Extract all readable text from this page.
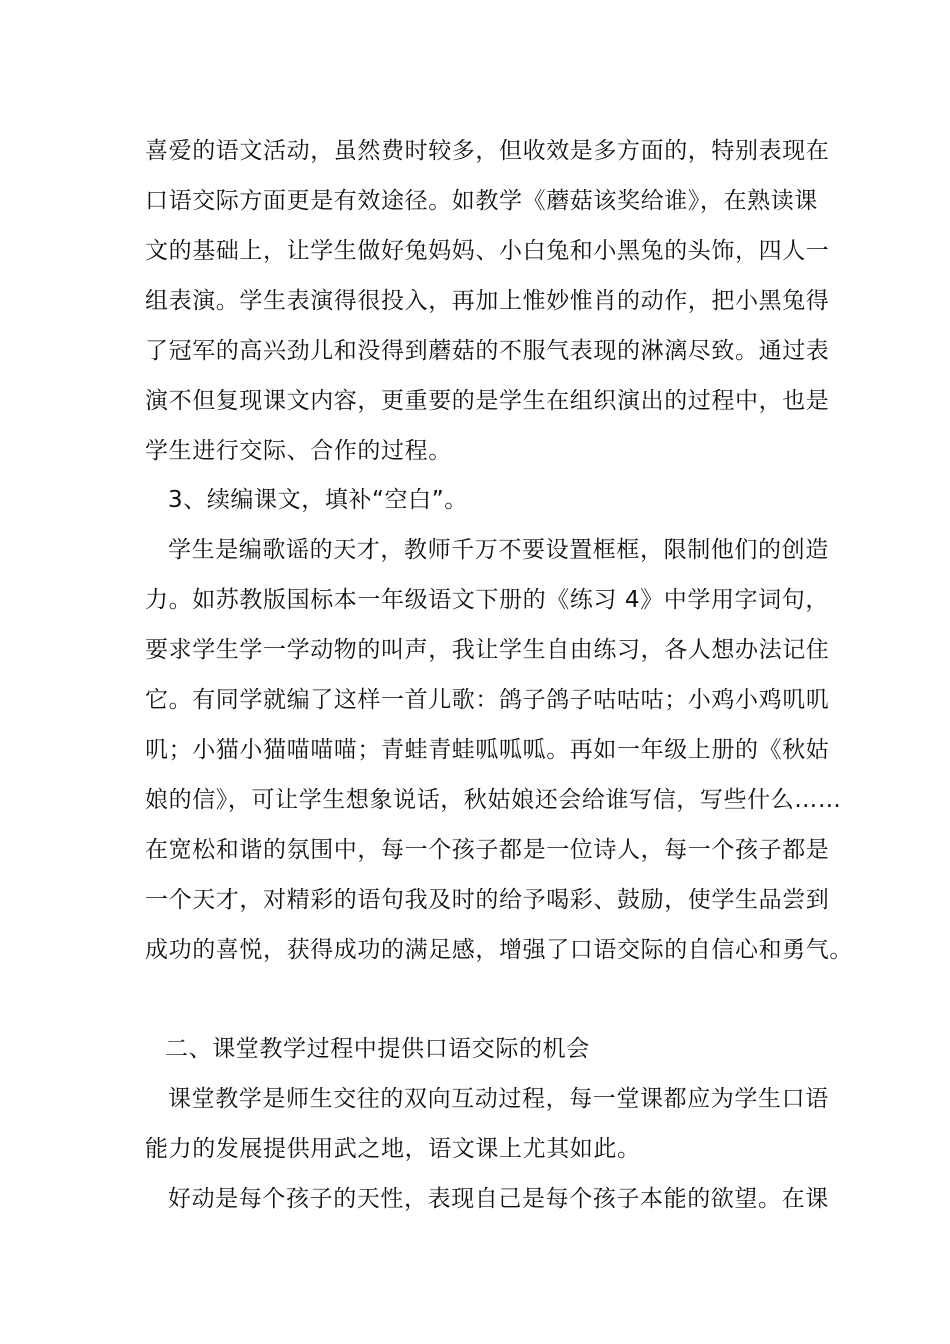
喜爱的语文活动，虽然费时较多，但收效是多方面的，特别表现在
口语交际方面更是有效途径。如教学《蘑菇该奖给谁》，在熟读课
文的基础上，让学生做好兔妈妈、小白兔和小黑兔的头饰，四人一
组表演。学生表演得很投入，再加上惟妙惟肖的动作，把小黑兔得
了冠军的高兴劲儿和没得到蘑菇的不服气表现的淋漓尽致。通过表
演不但复现课文内容，更重要的是学生在组织演出的过程中，也是
学生进行交际、合作的过程。
3、续编课文，填补“空白”。
学生是编歌谣的天才，教师千万不要设置框框，限制他们的创造
力。如苏教版国标本一年级语文下册的《练习 4》中学用字词句，
要求学生学一学动物的叫声，我让学生自由练习，各人想办法记住
它。有同学就编了这样一首儿歌：鸽子鸽子咕咕咕；小鸡小鸡叽叽
叽；小猫小猫喵喵喵；青蛙青蛙呱呱呱。再如一年级上册的《秋姑
娘的信》，可让学生想象说话，秋姑娘还会给谁写信，写些什么……
在宽松和谐的氛围中，每一个孩子都是一位诗人，每一个孩子都是
一个天才，对精彩的语句我及时的给予喝彩、鼓励，使学生品尝到
成功的喜悦，获得成功的满足感，增强了口语交际的自信心和勇气。
二、课堂教学过程中提供口语交际的机会
课堂教学是师生交往的双向互动过程，每一堂课都应为学生口语
能力的发展提供用武之地，语文课上尤其如此。
好动是每个孩子的天性，表现自己是每个孩子本能的欲望。在课
